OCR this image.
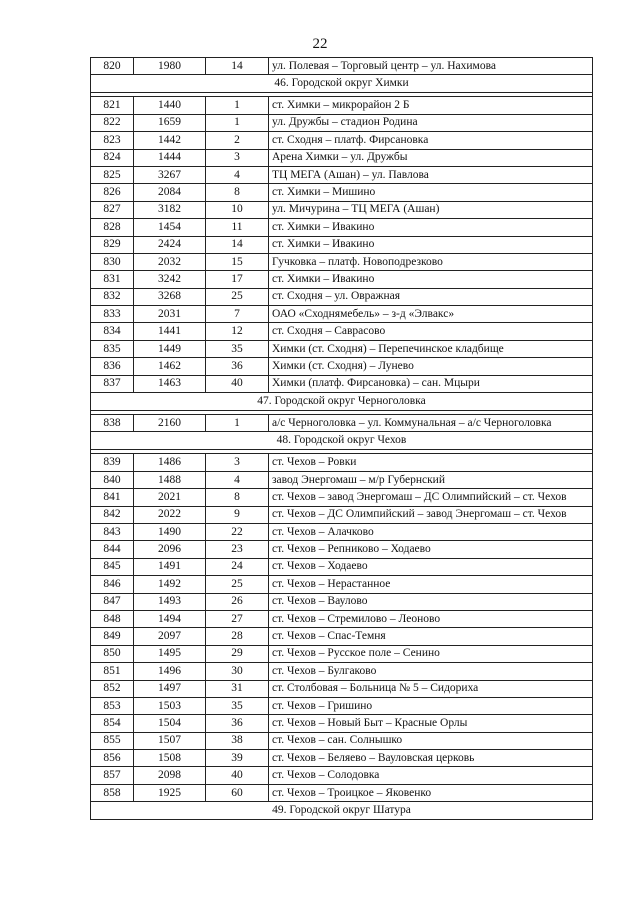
22
820	1980	14	ул. Полевая – Торговый центр – ул. Нахимова
46. Городской округ Химки			

821	1440	1	ст. Химки – микрорайон 2 Б
822	1659	1	ул. Дружбы – стадион Родина
823	1442	2	ст. Сходня – платф. Фирсановка
824	1444	3	Арена Химки – ул. Дружбы
825	3267	4	ТЦ МЕГА (Ашан) – ул. Павлова
826	2084	8	ст. Химки – Мишино
827	3182	10	ул. Мичурина – ТЦ МЕГА (Ашан)
828	1454	11	ст. Химки – Ивакино
829	2424	14	ст. Химки – Ивакино
830	2032	15	Гучковка – платф. Новоподрезково
831	3242	17	ст. Химки – Ивакино
832	3268	25	ст. Сходня – ул. Овражная
833	2031	7	ОАО «Сходнямебель» – з-д «Элвакс»
834	1441	12	ст. Сходня – Саврасово
835	1449	35	Химки (ст. Сходня) – Перепечинское кладбище
836	1462	36	Химки (ст. Сходня) – Лунево
837	1463	40	Химки (платф. Фирсановка) – сан. Мцыри
47. Городской округ Черноголовка			

838	2160	1	а/с Черноголовка – ул. Коммунальная – а/с Черноголовка
48. Городской округ Чехов			

839	1486	3	ст. Чехов – Ровки
840	1488	4	завод Энергомаш – м/р Губернский
841	2021	8	ст. Чехов – завод Энергомаш – ДС Олимпийский – ст. Чехов
842	2022	9	ст. Чехов – ДС Олимпийский – завод Энергомаш – ст. Чехов
843	1490	22	ст. Чехов – Алачково
844	2096	23	ст. Чехов – Репниково – Ходаево
845	1491	24	ст. Чехов – Ходаево
846	1492	25	ст. Чехов – Нерастанное
847	1493	26	ст. Чехов – Ваулово
848	1494	27	ст. Чехов – Стремилово – Леоново
849	2097	28	ст. Чехов – Спас-Темня
850	1495	29	ст. Чехов – Русское поле – Сенино
851	1496	30	ст. Чехов – Булгаково
852	1497	31	ст. Столбовая – Больница № 5 – Сидориха
853	1503	35	ст. Чехов – Гришино
854	1504	36	ст. Чехов – Новый Быт – Красные Орлы
855	1507	38	ст. Чехов – сан. Солнышко
856	1508	39	ст. Чехов – Беляево – Вауловская церковь
857	2098	40	ст. Чехов – Солодовка
858	1925	60	ст. Чехов – Троицкое – Яковенко
49. Городской округ Шатура			
